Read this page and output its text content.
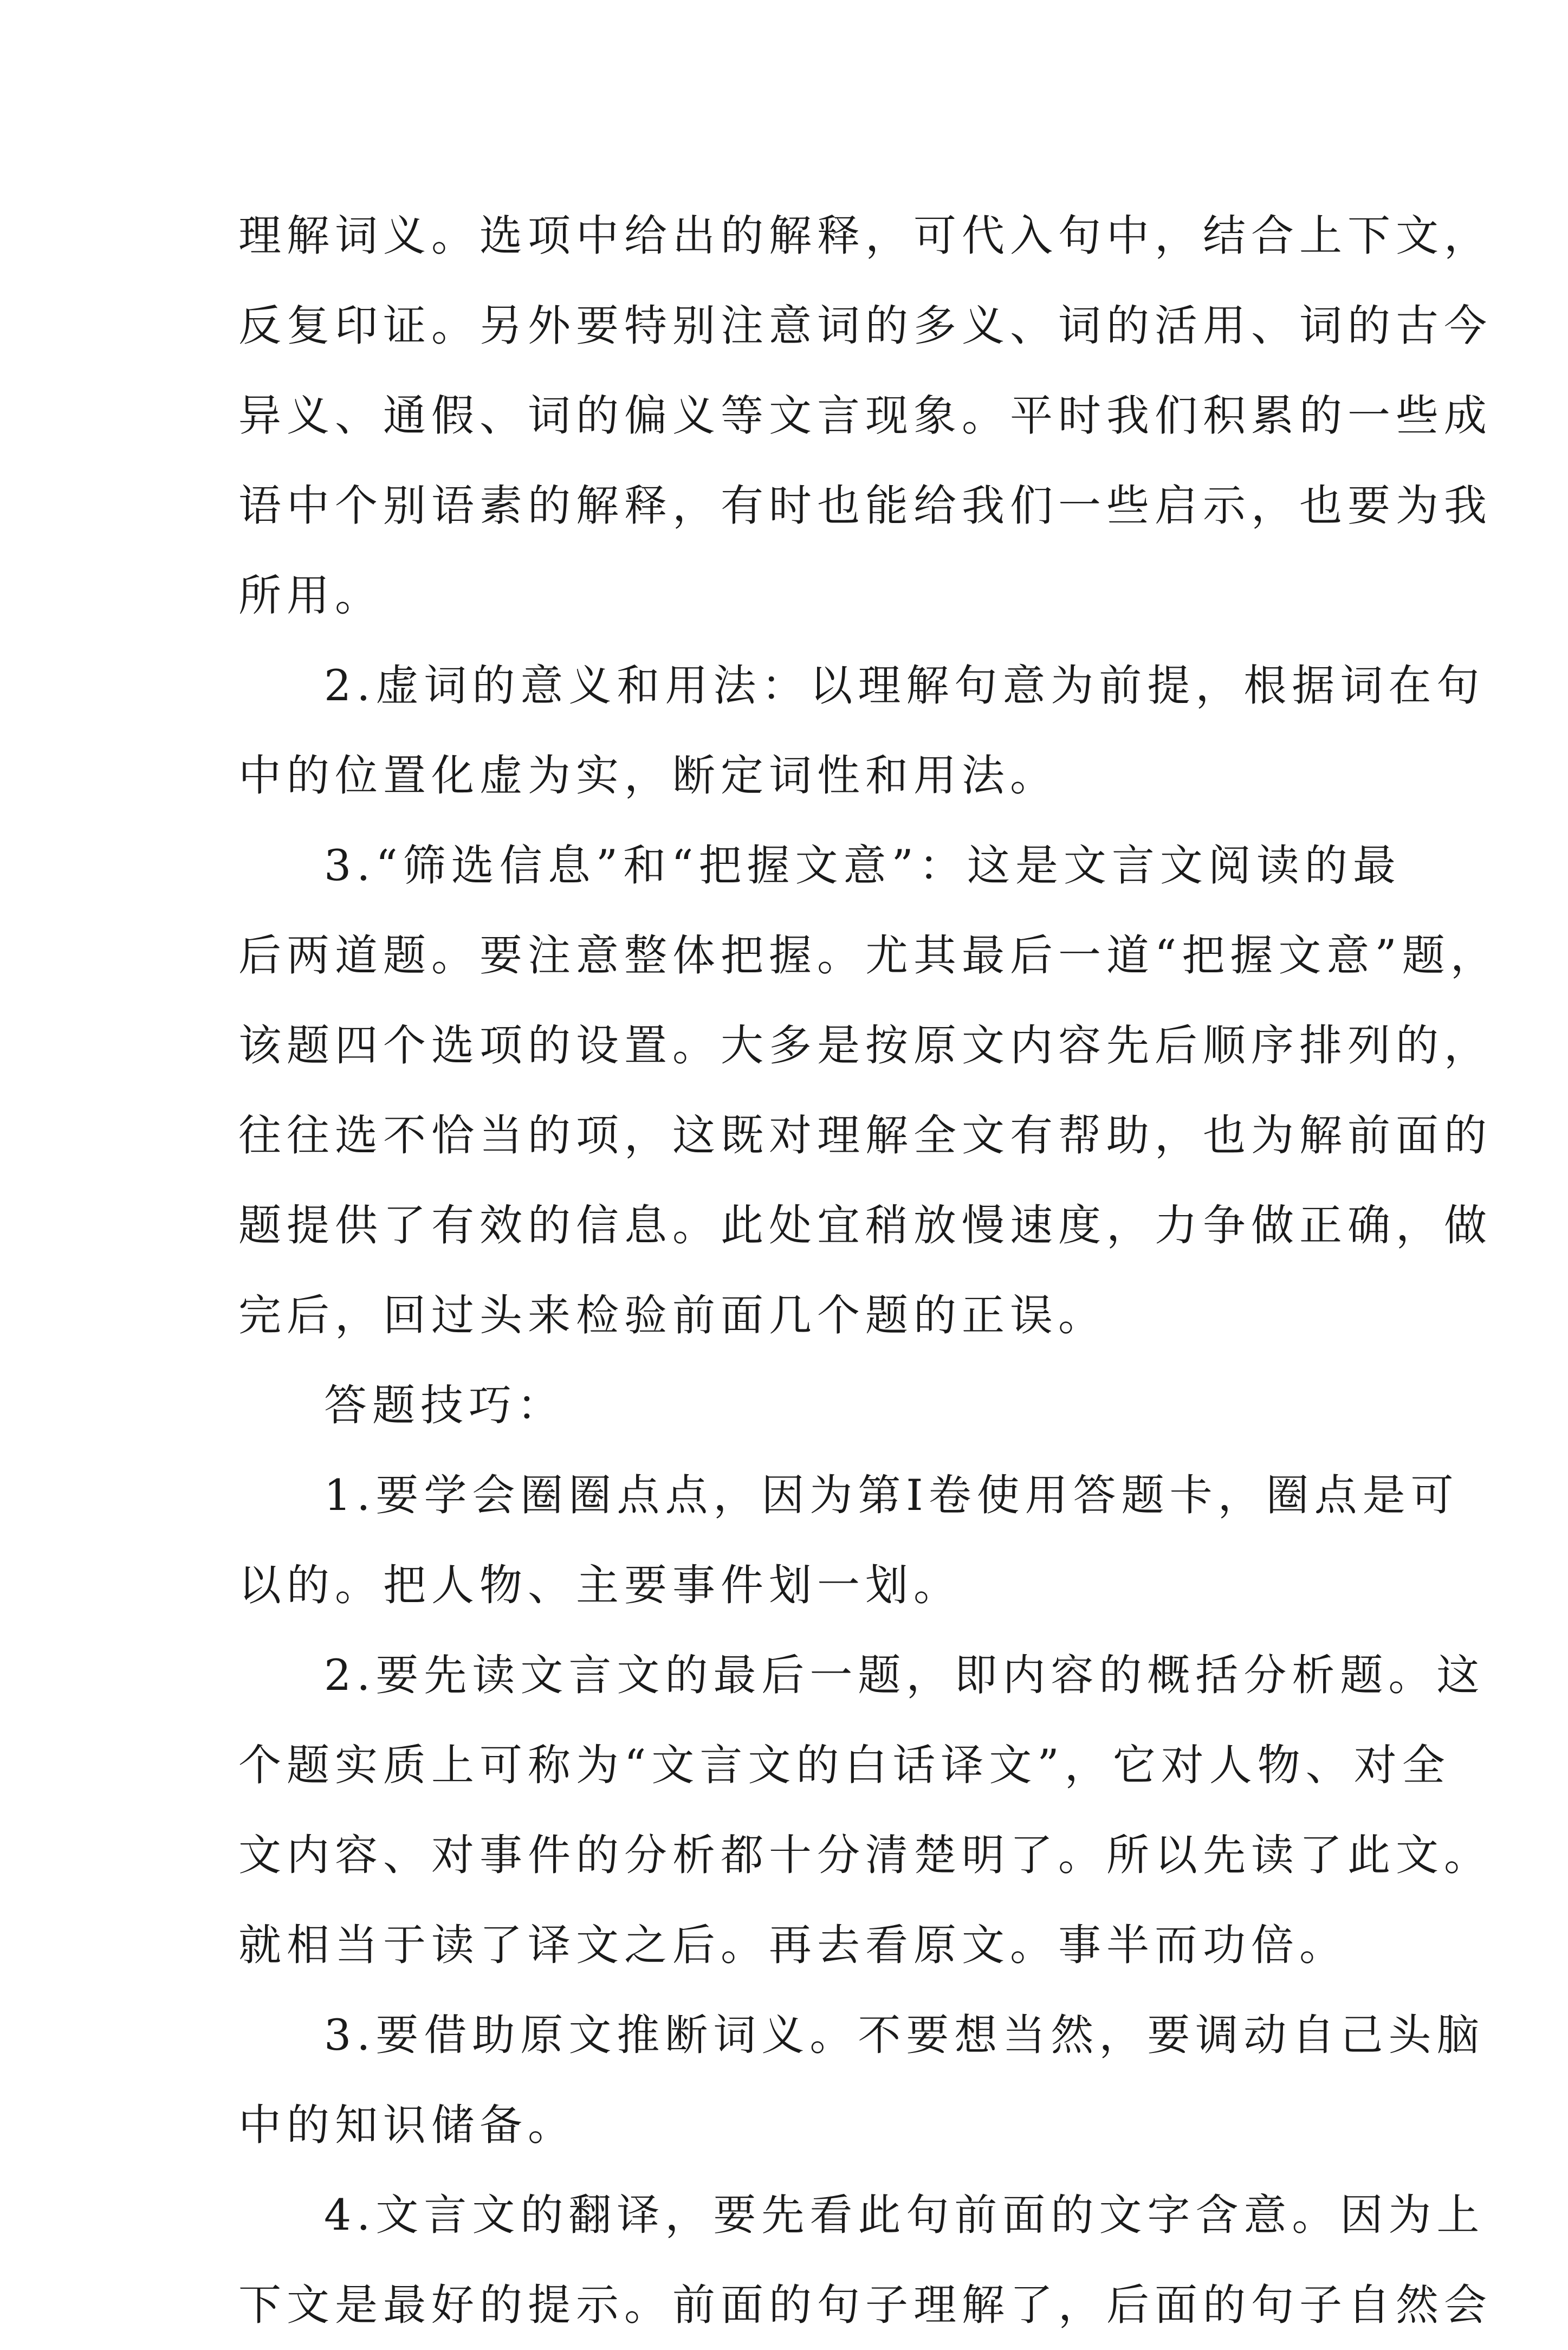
理解词义。选项中给出的解释，可代入句中，结合上下文，
反复印证。另外要特别注意词的多义、词的活用、词的古今
异义、通假、词的偏义等文言现象。平时我们积累的一些成
语中个别语素的解释，有时也能给我们一些启示，也要为我
所用。
2.虚词的意义和用法：以理解句意为前提，根据词在句
中的位置化虚为实，断定词性和用法。
3.“筛选信息”和“把握文意”：这是文言文阅读的最
后两道题。要注意整体把握。尤其最后一道“把握文意”题，
该题四个选项的设置。大多是按原文内容先后顺序排列的，
往往选不恰当的项，这既对理解全文有帮助，也为解前面的
题提供了有效的信息。此处宜稍放慢速度，力争做正确，做
完后，回过头来检验前面几个题的正误。
答题技巧：
1.要学会圈圈点点，因为第Ⅰ卷使用答题卡，圈点是可
以的。把人物、主要事件划一划。
2.要先读文言文的最后一题，即内容的概括分析题。这
个题实质上可称为“文言文的白话译文”，它对人物、对全
文内容、对事件的分析都十分清楚明了。所以先读了此文。
就相当于读了译文之后。再去看原文。事半而功倍。
3.要借助原文推断词义。不要想当然，要调动自己头脑
中的知识储备。
4.文言文的翻译，要先看此句前面的文字含意。因为上
下文是最好的提示。前面的句子理解了，后面的句子自然会
